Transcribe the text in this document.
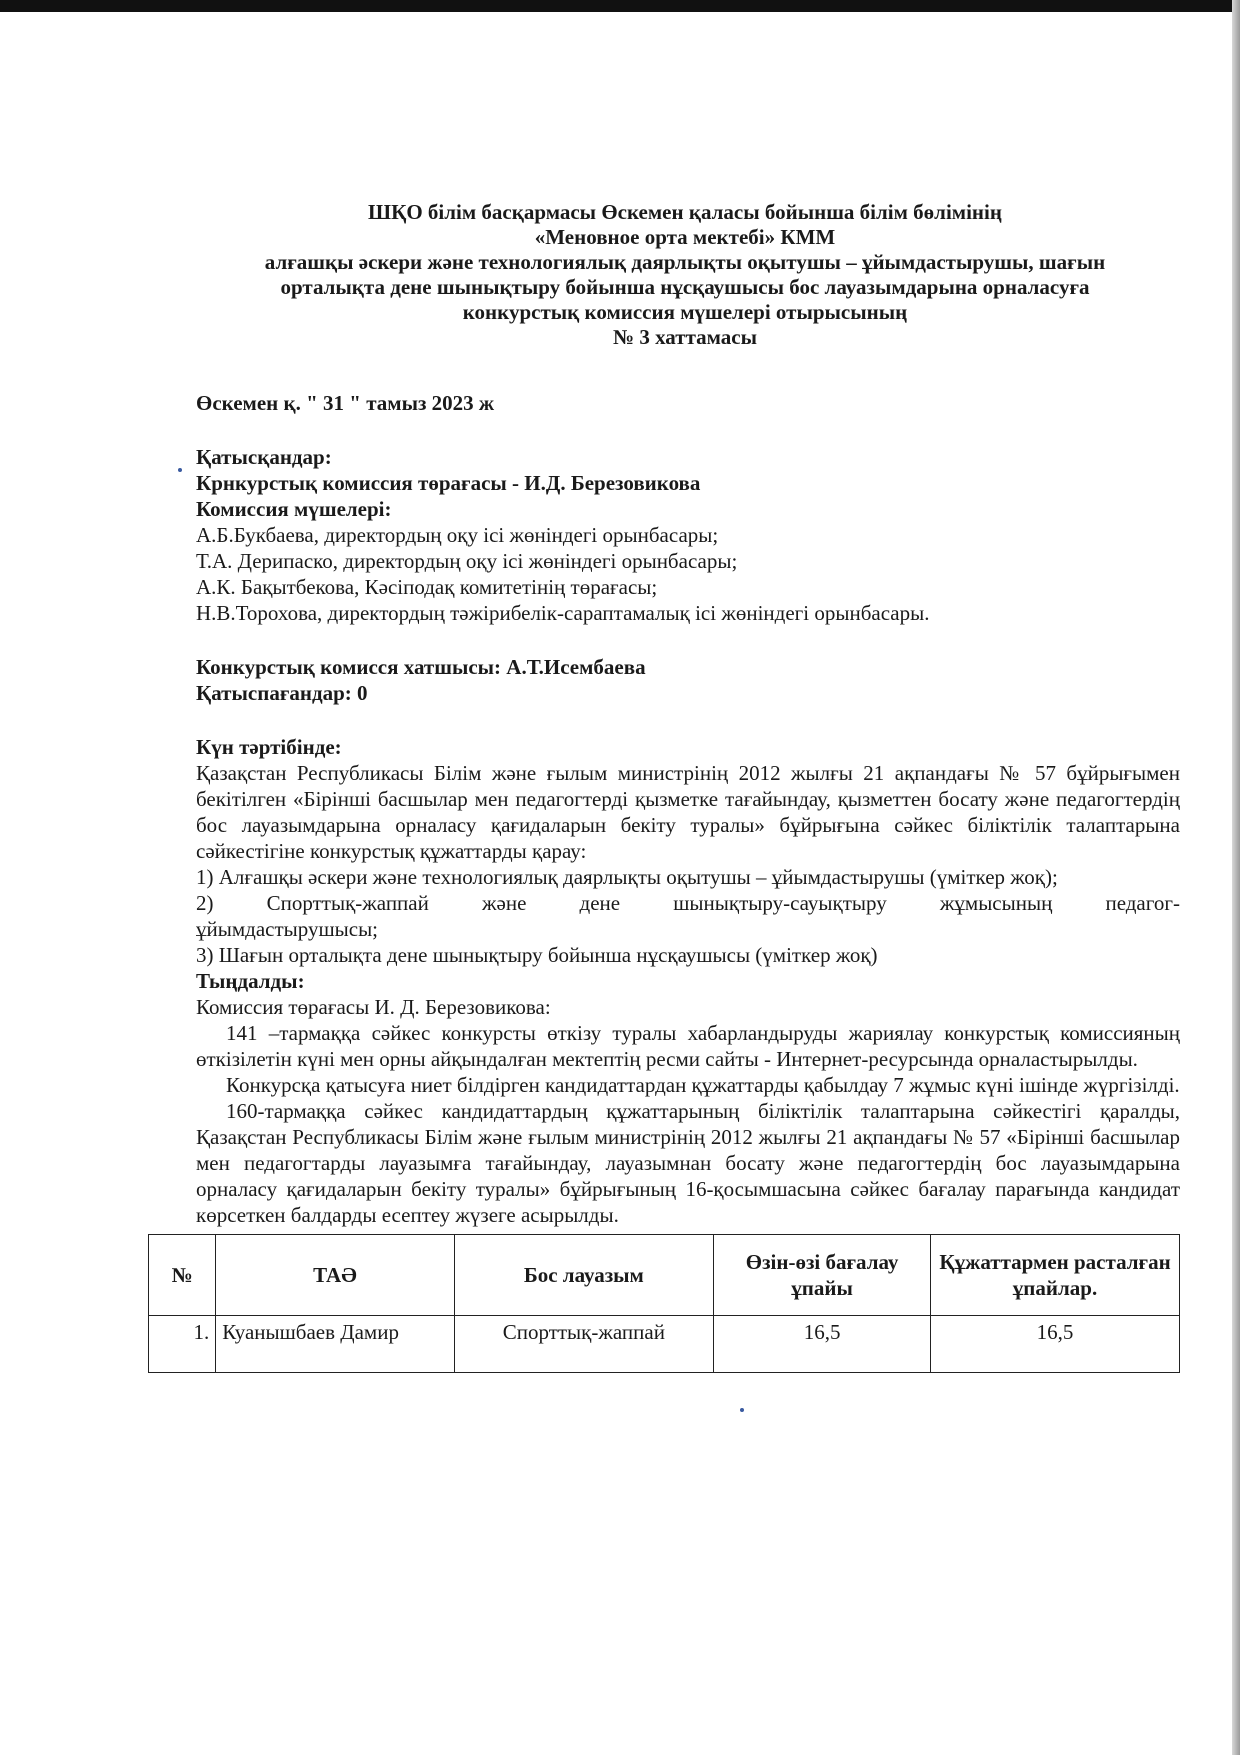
ШҚО білім басқармасы Өскемен қаласы бойынша білім бөлімінің
«Меновное орта мектебі» КММ
алғашқы әскери және технологиялық даярлықты оқытушы – ұйымдастырушы, шағын
орталықта дене шынықтыру бойынша нұсқаушысы бос лауазымдарына орналасуға
конкурстық комиссия мүшелері отырысының
№ 3 хаттамасы

Өскемен қ. " 31 " тамыз 2023 ж

Қатысқандар:

Крнкурстық комиссия төрағасы - И.Д. Березовикова

Комиссия мүшелері:

А.Б.Букбаева, директордың оқу ісі жөніндегі орынбасары;

Т.А. Дерипаско, директордың оқу ісі жөніндегі орынбасары;

А.К. Бақытбекова, Кәсіподақ комитетінің төрағасы;

Н.В.Торохова, директордың тәжірибелік-сараптамалық ісі жөніндегі орынбасары.

Конкурстық комисся хатшысы: А.Т.Исембаева

Қатыспағандар: 0

Күн тәртібінде:

Қазақстан Республикасы Білім және ғылым министрінің 2012 жылғы 21 ақпандағы № 57 бұйрығымен бекітілген «Бірінші басшылар мен педагогтерді қызметке тағайындау, қызметтен босату және педагогтердің бос лауазымдарына орналасу қағидаларын бекіту туралы» бұйрығына сәйкес біліктілік талаптарына сәйкестігіне конкурстық құжаттарды қарау:

1) Алғашқы әскери және технологиялық даярлықты оқытушы – ұйымдастырушы (үміткер жоқ);

2)	Спорттық-жаппай	және	дене	шынықтыру-сауықтыру	жұмысының	педагог-

ұйымдастырушысы;

3) Шағын орталықта дене шынықтыру бойынша нұсқаушысы (үміткер жоқ)

Тыңдалды:

Комиссия төрағасы И. Д. Березовикова:

141 –тармаққа сәйкес конкурсты өткізу туралы хабарландыруды жариялау конкурстық комиссияның өткізілетін күні мен орны айқындалған мектептің ресми сайты - Интернет-ресурсында орналастырылды.

Конкурсқа қатысуға ниет білдірген кандидаттардан құжаттарды қабылдау 7 жұмыс күні ішінде жүргізілді.

160-тармаққа сәйкес кандидаттардың құжаттарының біліктілік талаптарына сәйкестігі қаралды, Қазақстан Республикасы Білім және ғылым министрінің 2012 жылғы 21 ақпандағы № 57 «Бірінші басшылар мен педагогтарды лауазымға тағайындау, лауазымнан босату және педагогтердің бос лауазымдарына орналасу қағидаларын бекіту туралы» бұйрығының 16-қосымшасына сәйкес бағалау парағында кандидат көрсеткен балдарды есептеу жүзеге асырылды.

№	ТАӘ	Бос лауазым	Өзін-өзі бағалау ұпайы	Құжаттармен расталған ұпайлар.
1.	Куанышбаев Дамир	Спорттық-жаппай	16,5	16,5
